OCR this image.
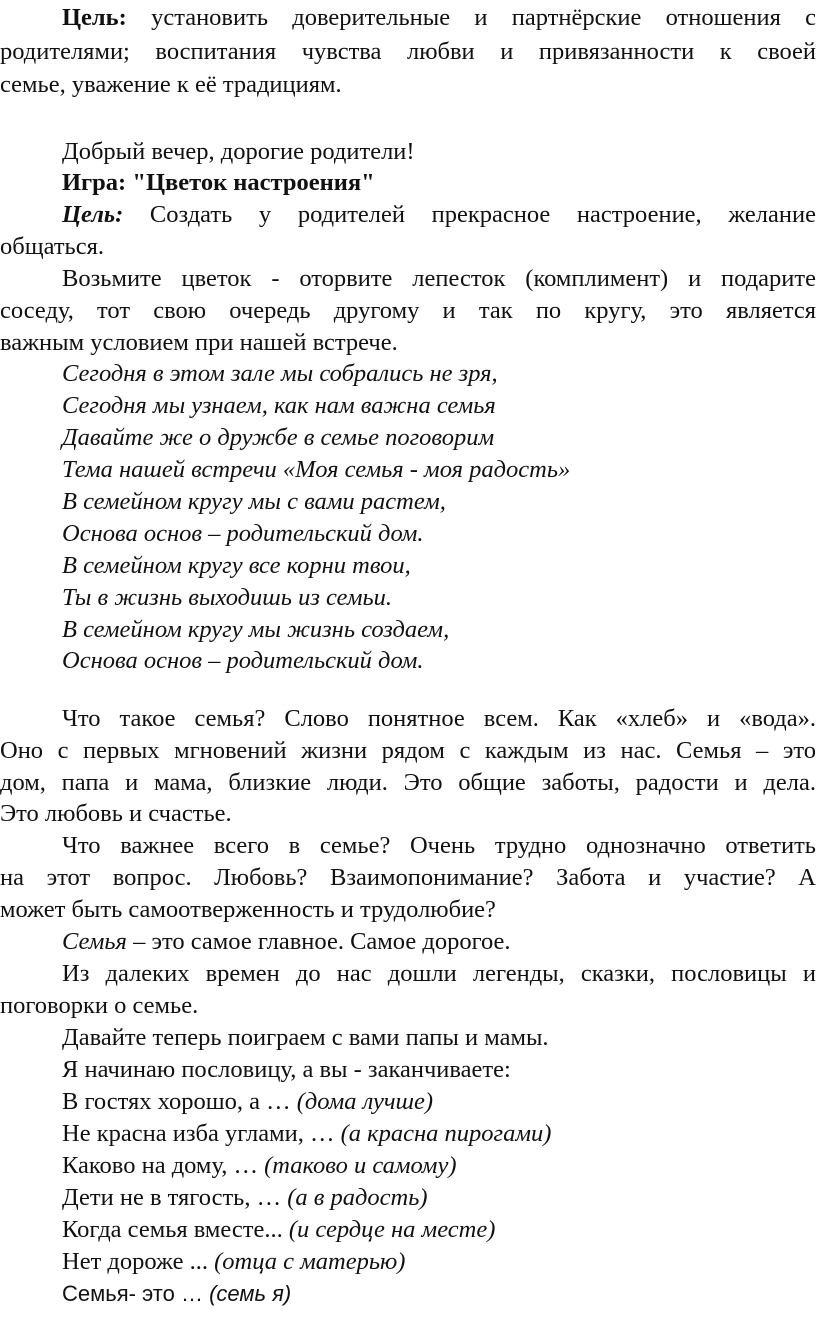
Цель: установить доверительные и партнёрские отношения с
родителями; воспитания чувства любви и привязанности к своей
семье, уважение к её традициям.
Добрый вечер, дорогие родители!
Игра: "Цветок настроения"
Цель: Создать у родителей прекрасное настроение, желание
общаться.
Возьмите цветок - оторвите лепесток (комплимент) и подарите
соседу, тот свою очередь другому и так по кругу, это является
важным условием при нашей встрече.
Сегодня в этом зале мы собрались не зря,
Сегодня мы узнаем, как нам важна семья
Давайте же о дружбе в семье поговорим
Тема нашей встречи «Моя семья - моя радость»
В семейном кругу мы с вами растем,
Основа основ – родительский дом.
В семейном кругу все корни твои,
Ты в жизнь выходишь из семьи.
В семейном кругу мы жизнь создаем,
Основа основ – родительский дом.
Что такое семья? Слово понятное всем. Как «хлеб» и «вода».
Оно с первых мгновений жизни рядом с каждым из нас. Семья – это
дом, папа и мама, близкие люди. Это общие заботы, радости и дела.
Это любовь и счастье.
Что важнее всего в семье? Очень трудно однозначно ответить
на этот вопрос. Любовь? Взаимопонимание? Забота и участие? А
может быть самоотверженность и трудолюбие?
Семья – это самое главное. Самое дорогое.
Из далеких времен до нас дошли легенды, сказки, пословицы и
поговорки о семье.
Давайте теперь поиграем с вами папы и мамы.
Я начинаю пословицу, а вы - заканчиваете:
В гостях хорошо, а … (дома лучше)
Не красна изба углами, … (а красна пирогами)
Каково на дому, … (таково и самому)
Дети не в тягость, … (а в радость)
Когда семья вместе... (и сердце на месте)
Нет дороже ... (отца с матерью)
Семья- это … (семь я)
